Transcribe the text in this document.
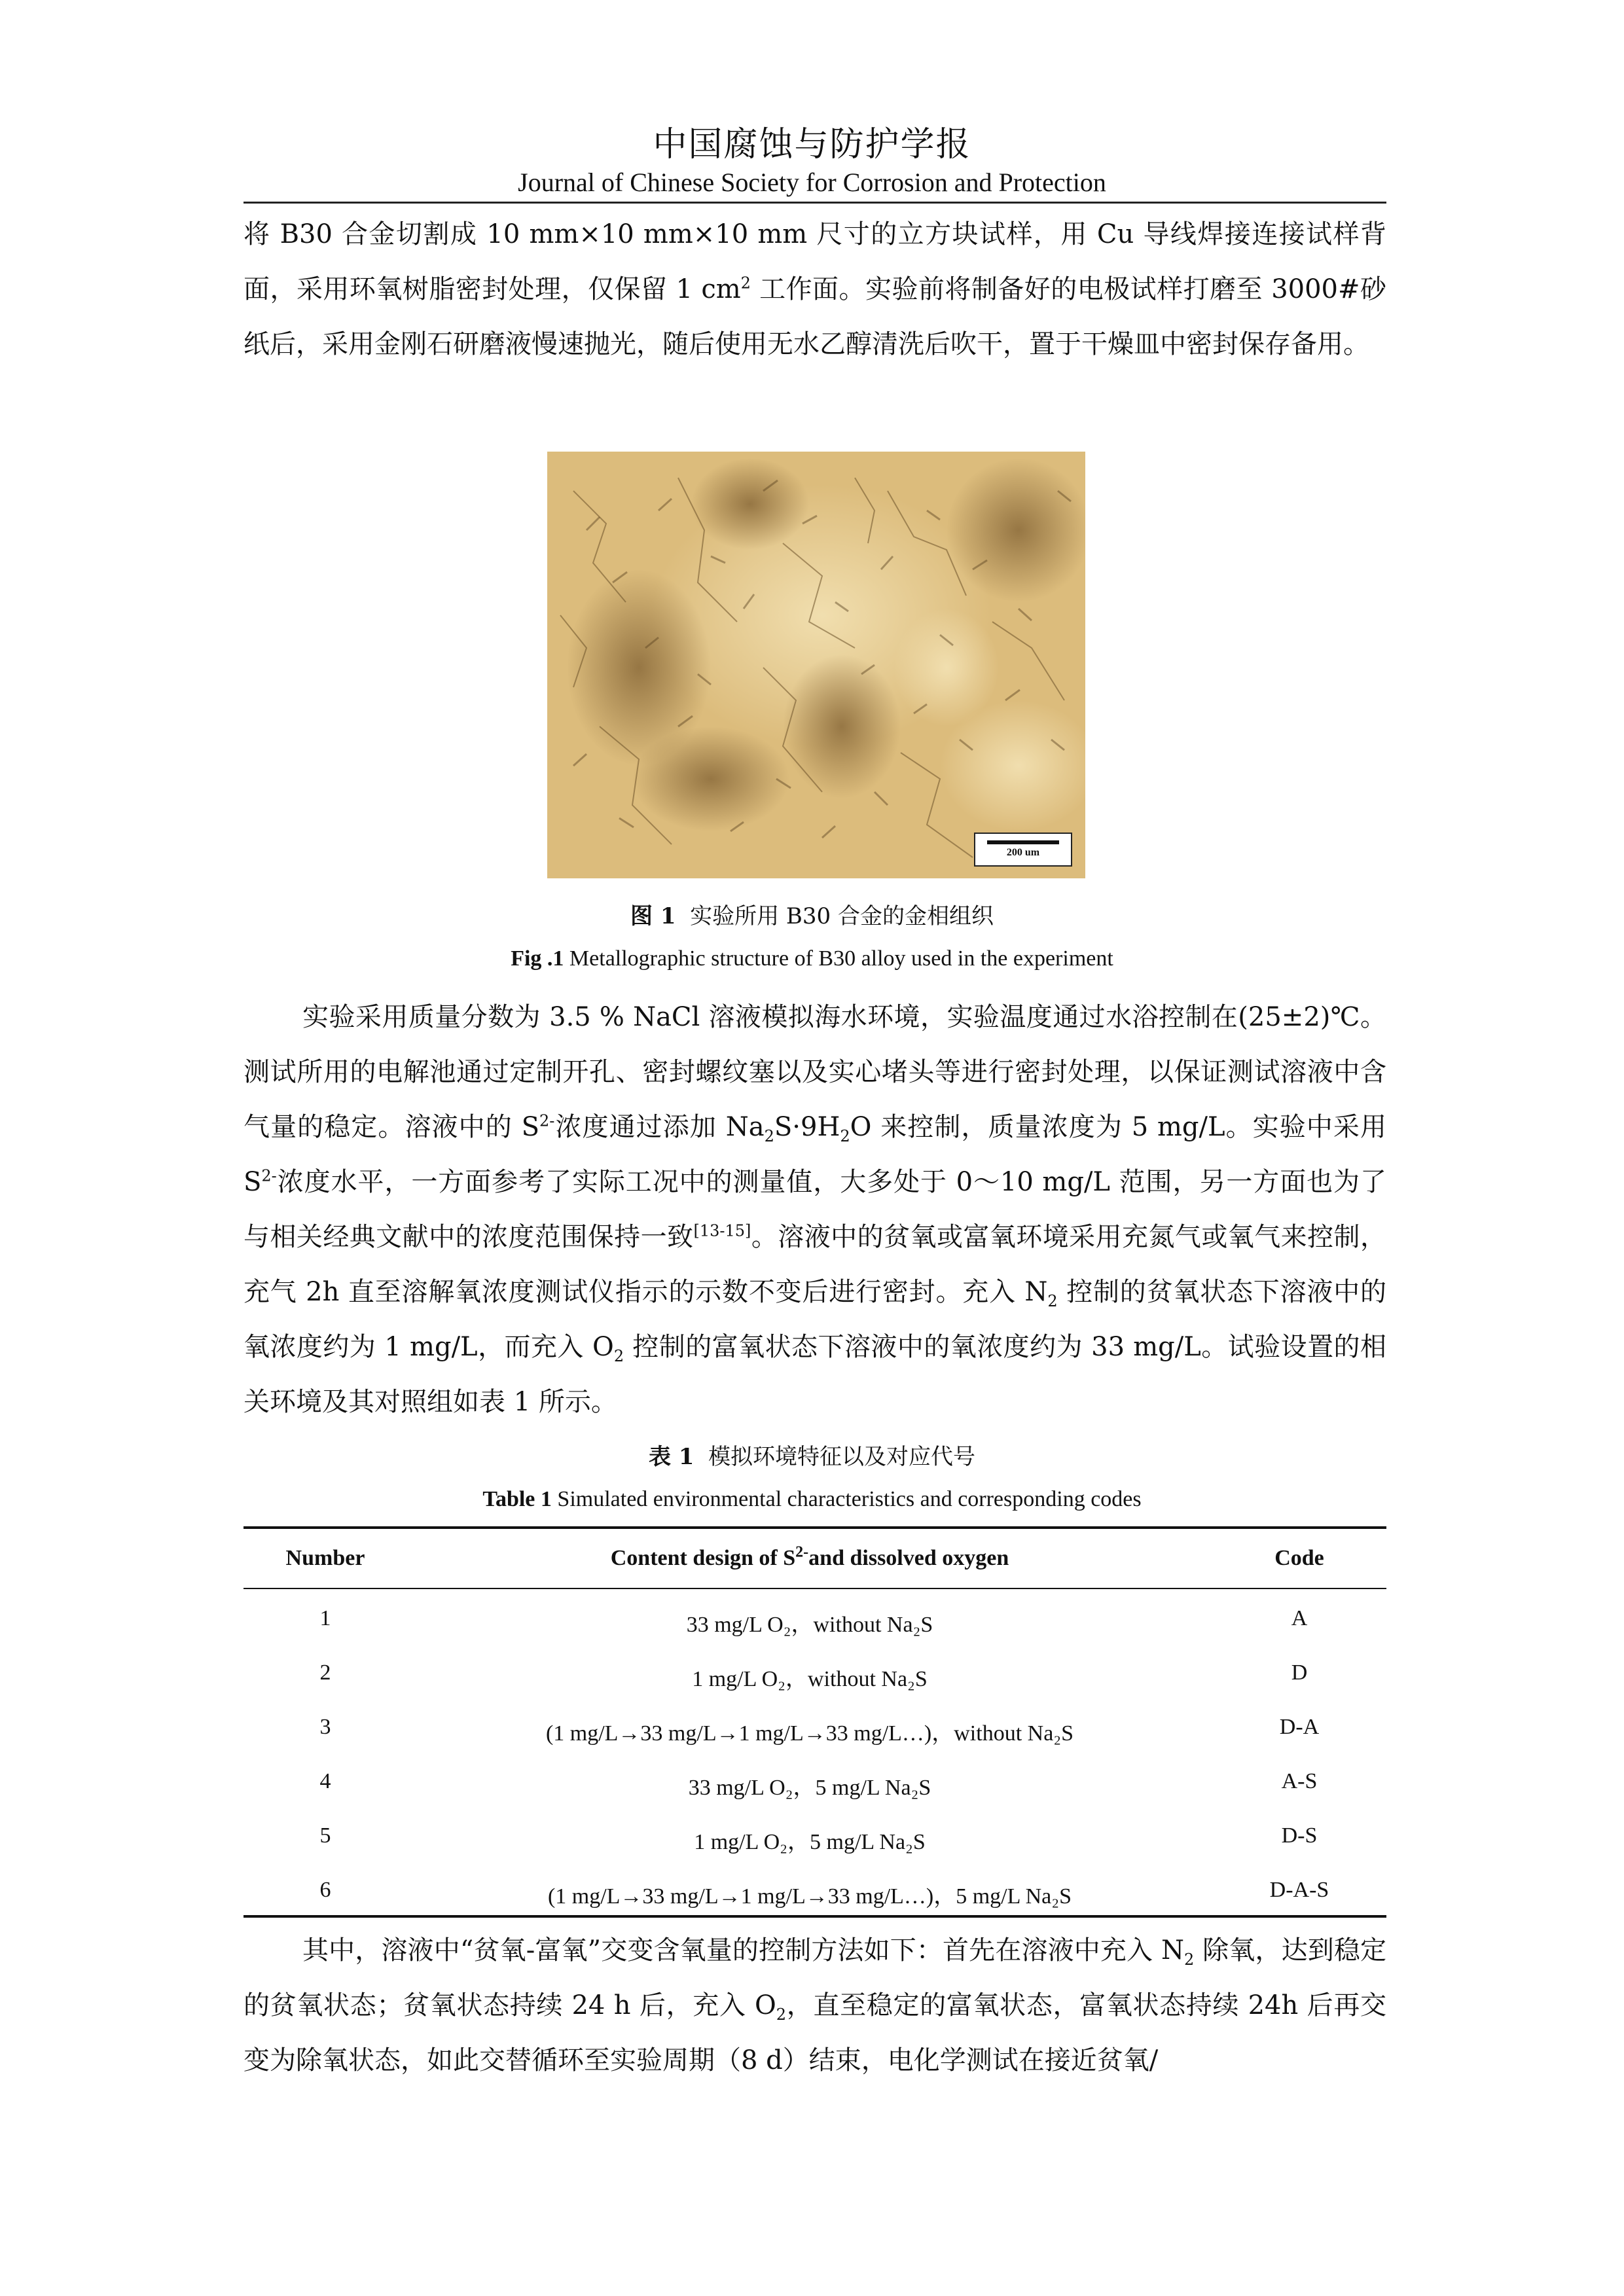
中国腐蚀与防护学报
Journal of Chinese Society for Corrosion and Protection
将 B30 合金切割成 10 mm×10 mm×10 mm 尺寸的立方块试样，用 Cu 导线焊接连接试样背面，采用环氧树脂密封处理，仅保留 1 $cm^2$ 工作面。实验前将制备好的电极试样打磨至 3000#砂纸后，采用金刚石研磨液慢速抛光，随后使用无水乙醇清洗后吹干，置于干燥皿中密封保存备用。
200 um
图 1 实验所用 B30 合金的金相组织
Fig .1 Metallographic structure of B30 alloy used in the experiment
实验采用质量分数为 3.5 % NaCl 溶液模拟海水环境，实验温度通过水浴控制在(25±2)℃。测试所用的电解池通过定制开孔、密封螺纹塞以及实心堵头等进行密封处理，以保证测试溶液中含气量的稳定。溶液中的 $S^{2-}$浓度通过添加 $Na_2S\cdot 9H_2O$ 来控制，质量浓度为 5 mg/L。实验中采用 $S^{2-}$浓度水平，一方面参考了实际工况中的测量值，大多处于 0～10 mg/L 范围，另一方面也为了与相关经典文献中的浓度范围保持一致[13-15]。溶液中的贫氧或富氧环境采用充氮气或氧气来控制，充气 2h 直至溶解氧浓度测试仪指示的示数不变后进行密封。充入 $N_2$ 控制的贫氧状态下溶液中的氧浓度约为 1 mg/L，而充入 $O_2$ 控制的富氧状态下溶液中的氧浓度约为 33 mg/L。试验设置的相关环境及其对照组如表 1 所示。
表 1 模拟环境特征以及对应代号
Table 1 Simulated environmental characteristics and corresponding codes
Number	Content design of $S^{2-}and$ dissolved oxygen	Code
1	33 mg/L O₂，without Na₂S	A
2	1 mg/L O₂，without Na₂S	D
3	(1 mg/L→33 mg/L→1 mg/L→33 mg/L…)，without Na₂S	D-A
4	33 mg/L O₂，5 mg/L Na₂S	A-S
5	1 mg/L O₂，5 mg/L Na₂S	D-S
6	(1 mg/L→33 mg/L→1 mg/L→33 mg/L…)，5 mg/L Na₂S	D-A-S
其中，溶液中“贫氧-富氧”交变含氧量的控制方法如下：首先在溶液中充入 $N_2$ 除氧，达到稳定的贫氧状态；贫氧状态持续 24 h 后，充入 $O_2$，直至稳定的富氧状态，富氧状态持续 24h 后再交变为除氧状态，如此交替循环至实验周期（8 d）结束，电化学测试在接近贫氧/
